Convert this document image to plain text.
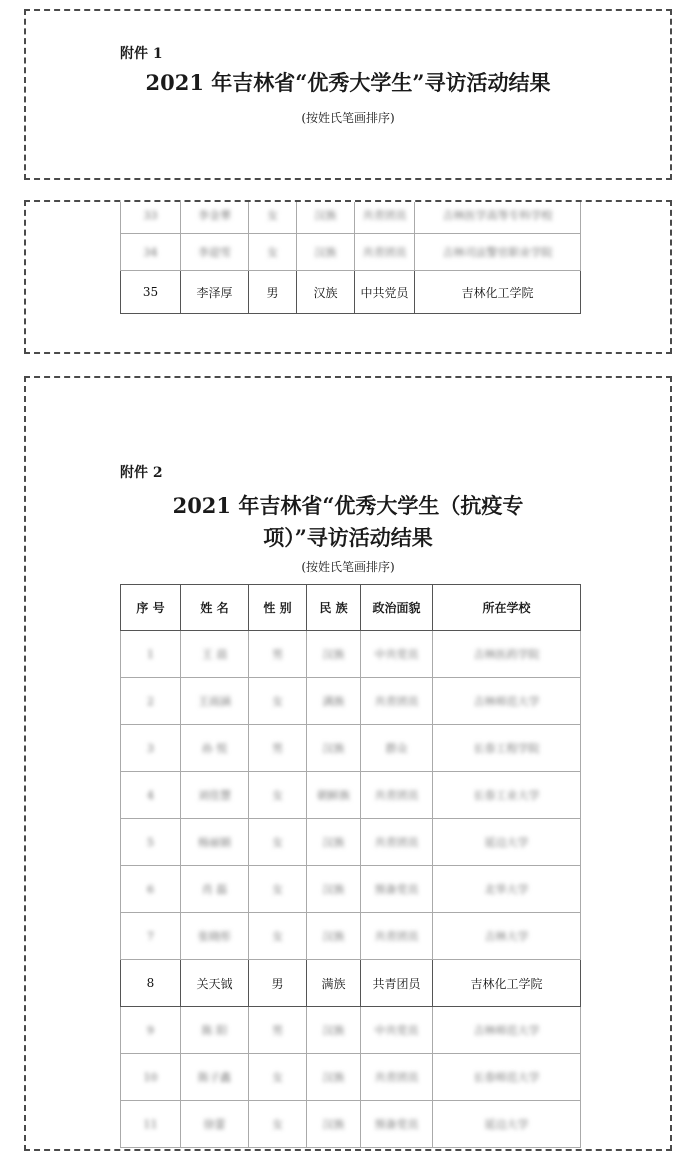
附件 1
2021 年吉林省“优秀大学生”寻访活动结果
(按姓氏笔画排序)
33	李金華	女	汉族	共青团员	吉林医学高等专科学校
34	李迎雪	女	汉族	共青团员	吉林司法警官职业学院
35	李泽厚	男	汉族	中共党员	吉林化工学院
附件 2
2021 年吉林省“优秀大学生（抗疫专
项）”寻访活动结果
(按姓氏笔画排序)
序 号	姓 名	性 别	民 族	政治面貌	所在学校
1	王 晨	男	汉族	中共党员	吉林医药学院
2	王雨涵	女	满族	共青团员	吉林师范大学
3	孙 悦	男	汉族	群众	长春工程学院
4	刘佳慧	女	朝鲜族	共青团员	长春工业大学
5	杨丽娟	女	汉族	共青团员	延边大学
6	肖 磊	女	汉族	预备党员	北华大学
7	张晓彤	女	汉族	共青团员	吉林大学
8	关天钺	男	满族	共青团员	吉林化工学院
9	陈 阳	男	汉族	中共党员	吉林师范大学
10	陈子鑫	女	汉族	共青团员	长春师范大学
11	徐蕾	女	汉族	预备党员	延边大学
